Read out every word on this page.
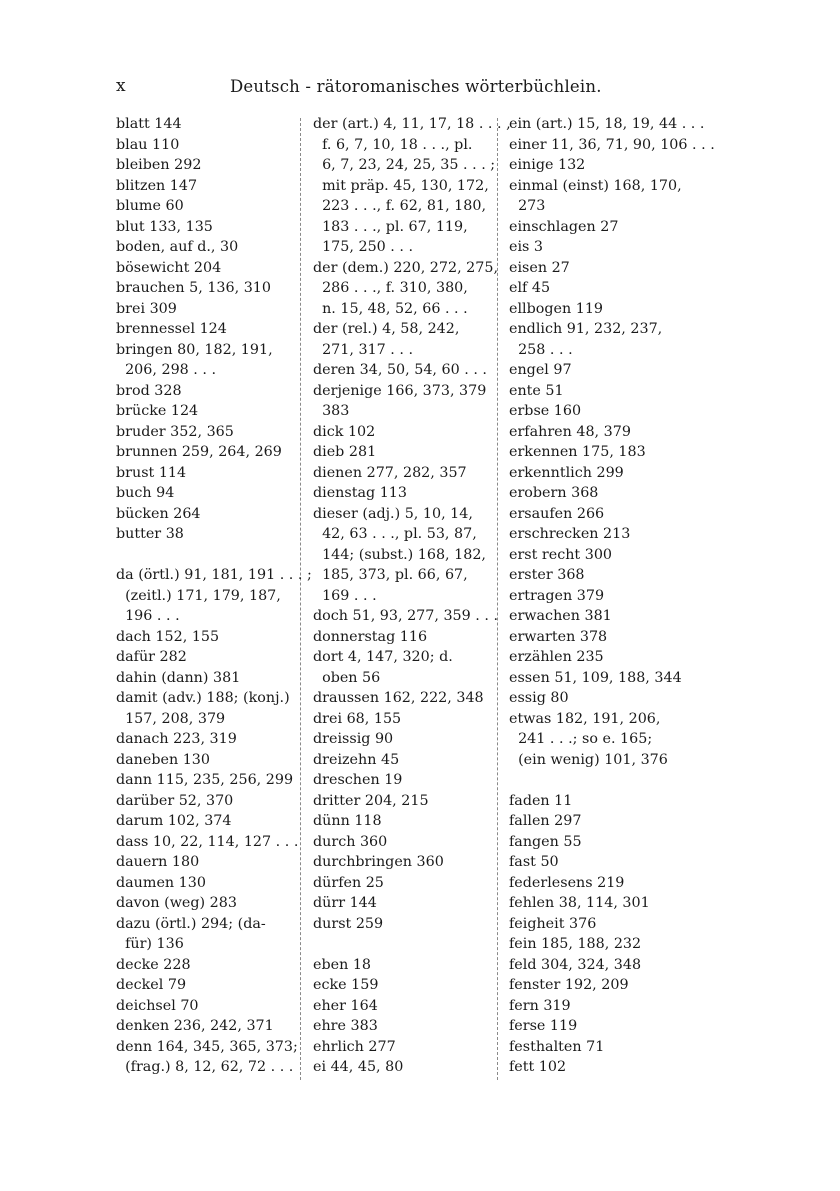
x	Deutsch - rätoromanisches wörterbüchlein.
blatt 144
blau 110
bleiben 292
blitzen 147
blume 60
blut 133, 135
boden, auf d., 30
bösewicht 204
brauchen 5, 136, 310
brei 309
brennessel 124
bringen 80, 182, 191,
206, 298 . . .
brod 328
brücke 124
bruder 352, 365
brunnen 259, 264, 269
brust 114
buch 94
bücken 264
butter 38
da (örtl.) 91, 181, 191 . . . ;
(zeitl.) 171, 179, 187,
196 . . .
dach 152, 155
dafür 282
dahin (dann) 381
damit (adv.) 188; (konj.)
157, 208, 379
danach 223, 319
daneben 130
dann 115, 235, 256, 299
darüber 52, 370
darum 102, 374
dass 10, 22, 114, 127 . . .
dauern 180
daumen 130
davon (weg) 283
dazu (örtl.) 294; (da-
für) 136
decke 228
deckel 79
deichsel 70
denken 236, 242, 371
denn 164, 345, 365, 373;
(frag.) 8, 12, 62, 72 . . .
der (art.) 4, 11, 17, 18 . . . ,
f. 6, 7, 10, 18 . . ., pl.
6, 7, 23, 24, 25, 35 . . . ;
mit präp. 45, 130, 172,
223 . . ., f. 62, 81, 180,
183 . . ., pl. 67, 119,
175, 250 . . .
der (dem.) 220, 272, 275,
286 . . ., f. 310, 380,
n. 15, 48, 52, 66 . . .
der (rel.) 4, 58, 242,
271, 317 . . .
deren 34, 50, 54, 60 . . .
derjenige 166, 373, 379
383
dick 102
dieb 281
dienen 277, 282, 357
dienstag 113
dieser (adj.) 5, 10, 14,
42, 63 . . ., pl. 53, 87,
144; (subst.) 168, 182,
185, 373, pl. 66, 67,
169 . . .
doch 51, 93, 277, 359 . . .
donnerstag 116
dort 4, 147, 320; d.
oben 56
draussen 162, 222, 348
drei 68, 155
dreissig 90
dreizehn 45
dreschen 19
dritter 204, 215
dünn 118
durch 360
durchbringen 360
dürfen 25
dürr 144
durst 259
eben 18
ecke 159
eher 164
ehre 383
ehrlich 277
ei 44, 45, 80
ein (art.) 15, 18, 19, 44 . . .
einer 11, 36, 71, 90, 106 . . .
einige 132
einmal (einst) 168, 170,
273
einschlagen 27
eis 3
eisen 27
elf 45
ellbogen 119
endlich 91, 232, 237,
258 . . .
engel 97
ente 51
erbse 160
erfahren 48, 379
erkennen 175, 183
erkenntlich 299
erobern 368
ersaufen 266
erschrecken 213
erst recht 300
erster 368
ertragen 379
erwachen 381
erwarten 378
erzählen 235
essen 51, 109, 188, 344
essig 80
etwas 182, 191, 206,
241 . . .; so e. 165;
(ein wenig) 101, 376
faden 11
fallen 297
fangen 55
fast 50
federlesens 219
fehlen 38, 114, 301
feigheit 376
fein 185, 188, 232
feld 304, 324, 348
fenster 192, 209
fern 319
ferse 119
festhalten 71
fett 102
